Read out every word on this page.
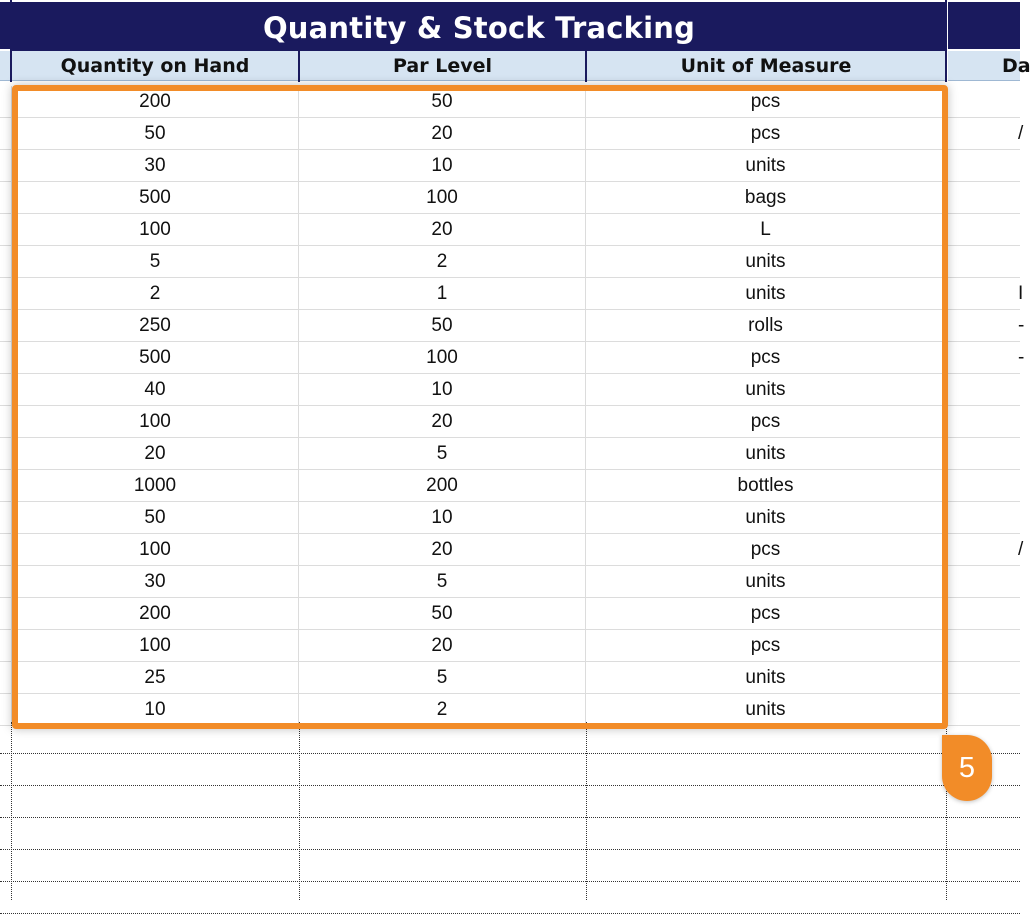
Quantity & Stock Tracking
Quantity on Hand	Par Level	Unit of Measure	Da
200	50	pcs
50	20	pcs	/
30	10	units
500	100	bags
100	20	L
5	2	units
2	1	units	I
250	50	rolls	-
500	100	pcs	-
40	10	units
100	20	pcs
20	5	units
1000	200	bottles
50	10	units
100	20	pcs	/
30	5	units
200	50	pcs
100	20	pcs
25	5	units
10	2	units
5
